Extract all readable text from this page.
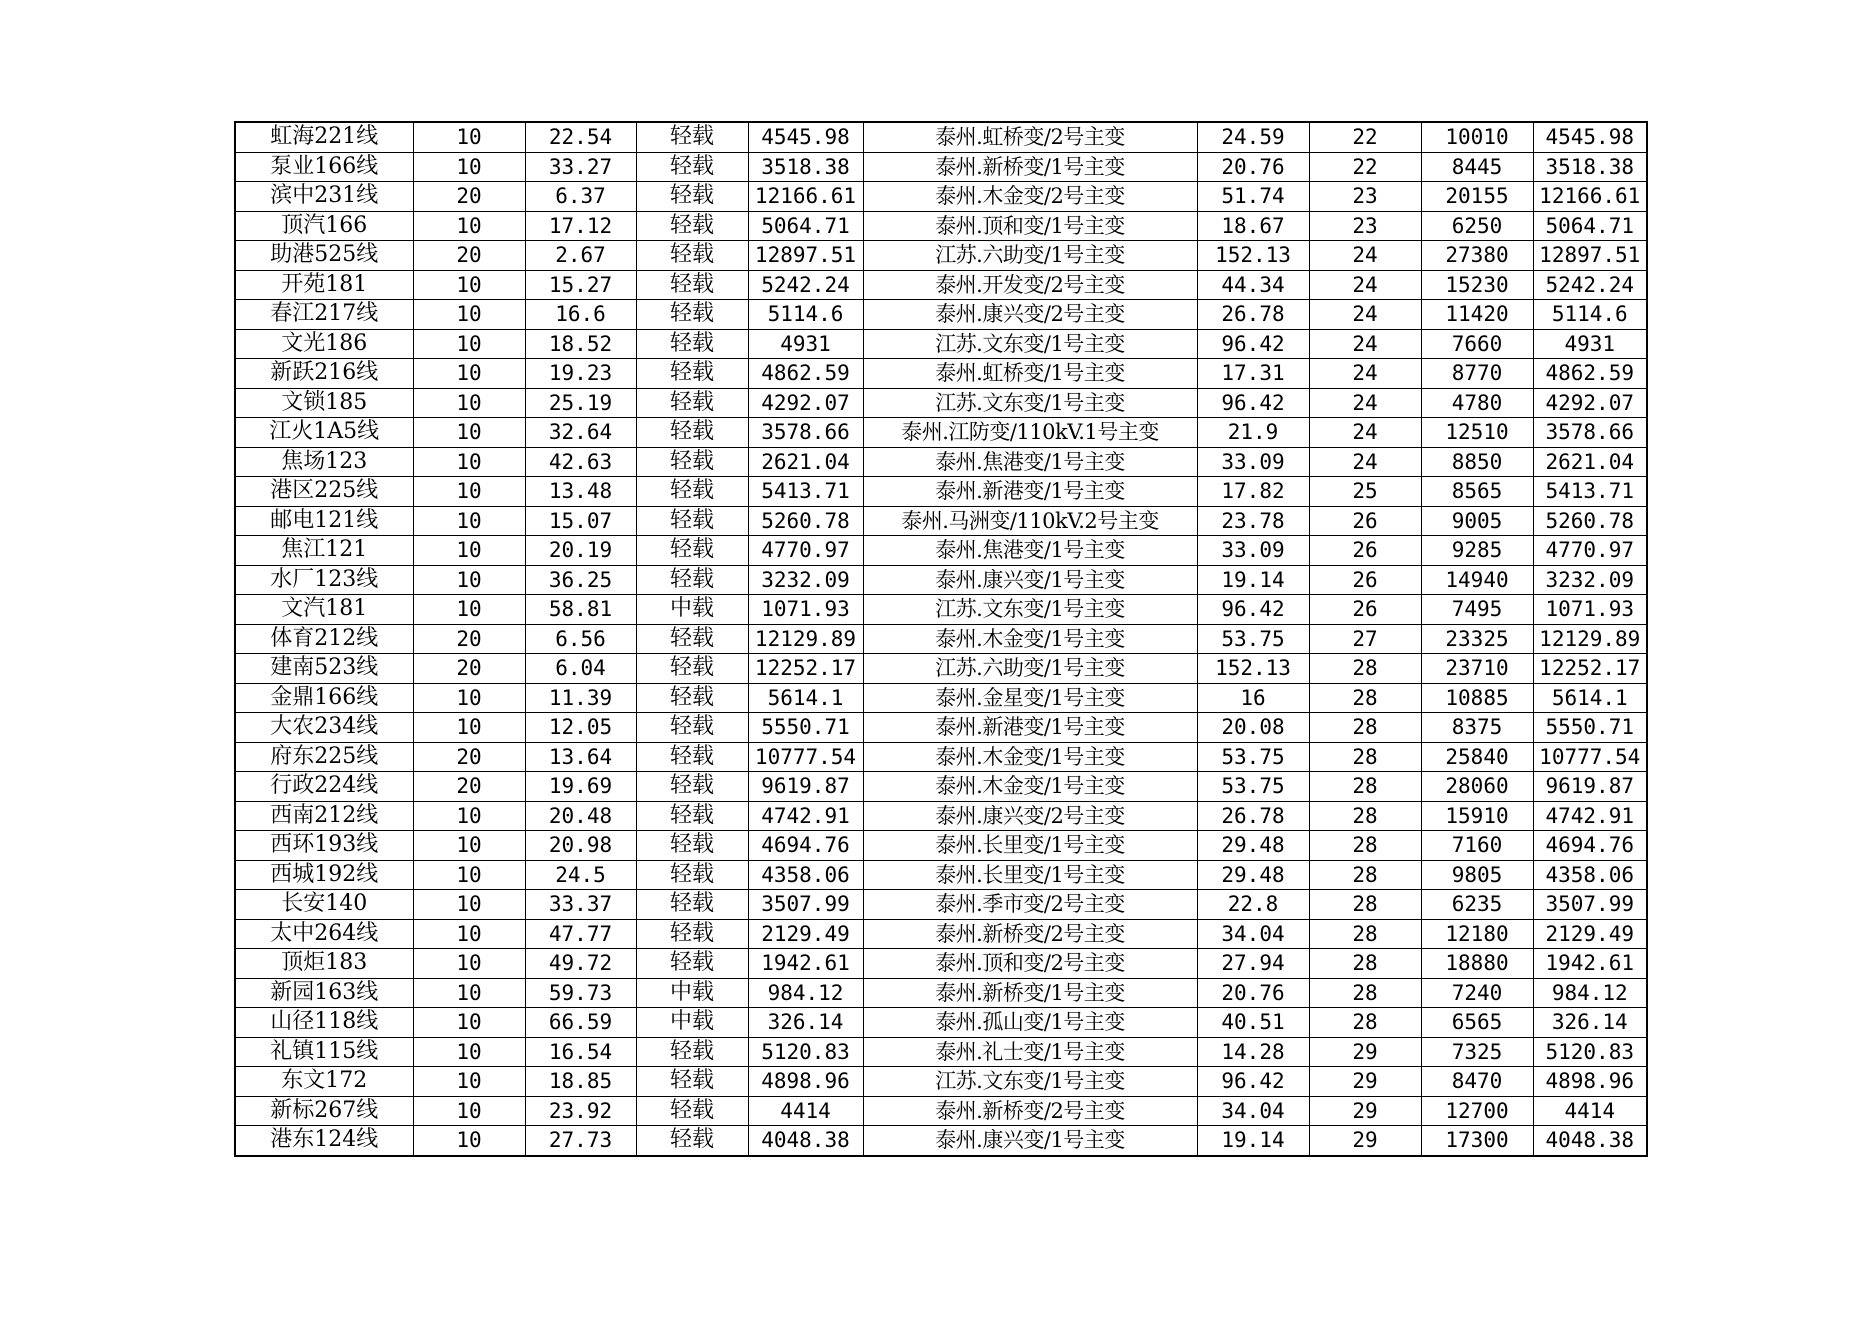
虹海221线	10	22.54	轻载	4545.98	泰州.虹桥变/2号主变	24.59	22	10010	4545.98
泵业166线	10	33.27	轻载	3518.38	泰州.新桥变/1号主变	20.76	22	8445	3518.38
滨中231线	20	6.37	轻载	12166.61	泰州.木金变/2号主变	51.74	23	20155	12166.61
顶汽166	10	17.12	轻载	5064.71	泰州.顶和变/1号主变	18.67	23	6250	5064.71
助港525线	20	2.67	轻载	12897.51	江苏.六助变/1号主变	152.13	24	27380	12897.51
开苑181	10	15.27	轻载	5242.24	泰州.开发变/2号主变	44.34	24	15230	5242.24
春江217线	10	16.6	轻载	5114.6	泰州.康兴变/2号主变	26.78	24	11420	5114.6
文光186	10	18.52	轻载	4931	江苏.文东变/1号主变	96.42	24	7660	4931
新跃216线	10	19.23	轻载	4862.59	泰州.虹桥变/1号主变	17.31	24	8770	4862.59
文锁185	10	25.19	轻载	4292.07	江苏.文东变/1号主变	96.42	24	4780	4292.07
江火1A5线	10	32.64	轻载	3578.66	泰州.江防变/110kV.1号主变	21.9	24	12510	3578.66
焦场123	10	42.63	轻载	2621.04	泰州.焦港变/1号主变	33.09	24	8850	2621.04
港区225线	10	13.48	轻载	5413.71	泰州.新港变/1号主变	17.82	25	8565	5413.71
邮电121线	10	15.07	轻载	5260.78	泰州.马洲变/110kV.2号主变	23.78	26	9005	5260.78
焦江121	10	20.19	轻载	4770.97	泰州.焦港变/1号主变	33.09	26	9285	4770.97
水厂123线	10	36.25	轻载	3232.09	泰州.康兴变/1号主变	19.14	26	14940	3232.09
文汽181	10	58.81	中载	1071.93	江苏.文东变/1号主变	96.42	26	7495	1071.93
体育212线	20	6.56	轻载	12129.89	泰州.木金变/1号主变	53.75	27	23325	12129.89
建南523线	20	6.04	轻载	12252.17	江苏.六助变/1号主变	152.13	28	23710	12252.17
金鼎166线	10	11.39	轻载	5614.1	泰州.金星变/1号主变	16	28	10885	5614.1
大农234线	10	12.05	轻载	5550.71	泰州.新港变/1号主变	20.08	28	8375	5550.71
府东225线	20	13.64	轻载	10777.54	泰州.木金变/1号主变	53.75	28	25840	10777.54
行政224线	20	19.69	轻载	9619.87	泰州.木金变/1号主变	53.75	28	28060	9619.87
西南212线	10	20.48	轻载	4742.91	泰州.康兴变/2号主变	26.78	28	15910	4742.91
西环193线	10	20.98	轻载	4694.76	泰州.长里变/1号主变	29.48	28	7160	4694.76
西城192线	10	24.5	轻载	4358.06	泰州.长里变/1号主变	29.48	28	9805	4358.06
长安140	10	33.37	轻载	3507.99	泰州.季市变/2号主变	22.8	28	6235	3507.99
太中264线	10	47.77	轻载	2129.49	泰州.新桥变/2号主变	34.04	28	12180	2129.49
顶炬183	10	49.72	轻载	1942.61	泰州.顶和变/2号主变	27.94	28	18880	1942.61
新园163线	10	59.73	中载	984.12	泰州.新桥变/1号主变	20.76	28	7240	984.12
山径118线	10	66.59	中载	326.14	泰州.孤山变/1号主变	40.51	28	6565	326.14
礼镇115线	10	16.54	轻载	5120.83	泰州.礼士变/1号主变	14.28	29	7325	5120.83
东文172	10	18.85	轻载	4898.96	江苏.文东变/1号主变	96.42	29	8470	4898.96
新标267线	10	23.92	轻载	4414	泰州.新桥变/2号主变	34.04	29	12700	4414
港东124线	10	27.73	轻载	4048.38	泰州.康兴变/1号主变	19.14	29	17300	4048.38
